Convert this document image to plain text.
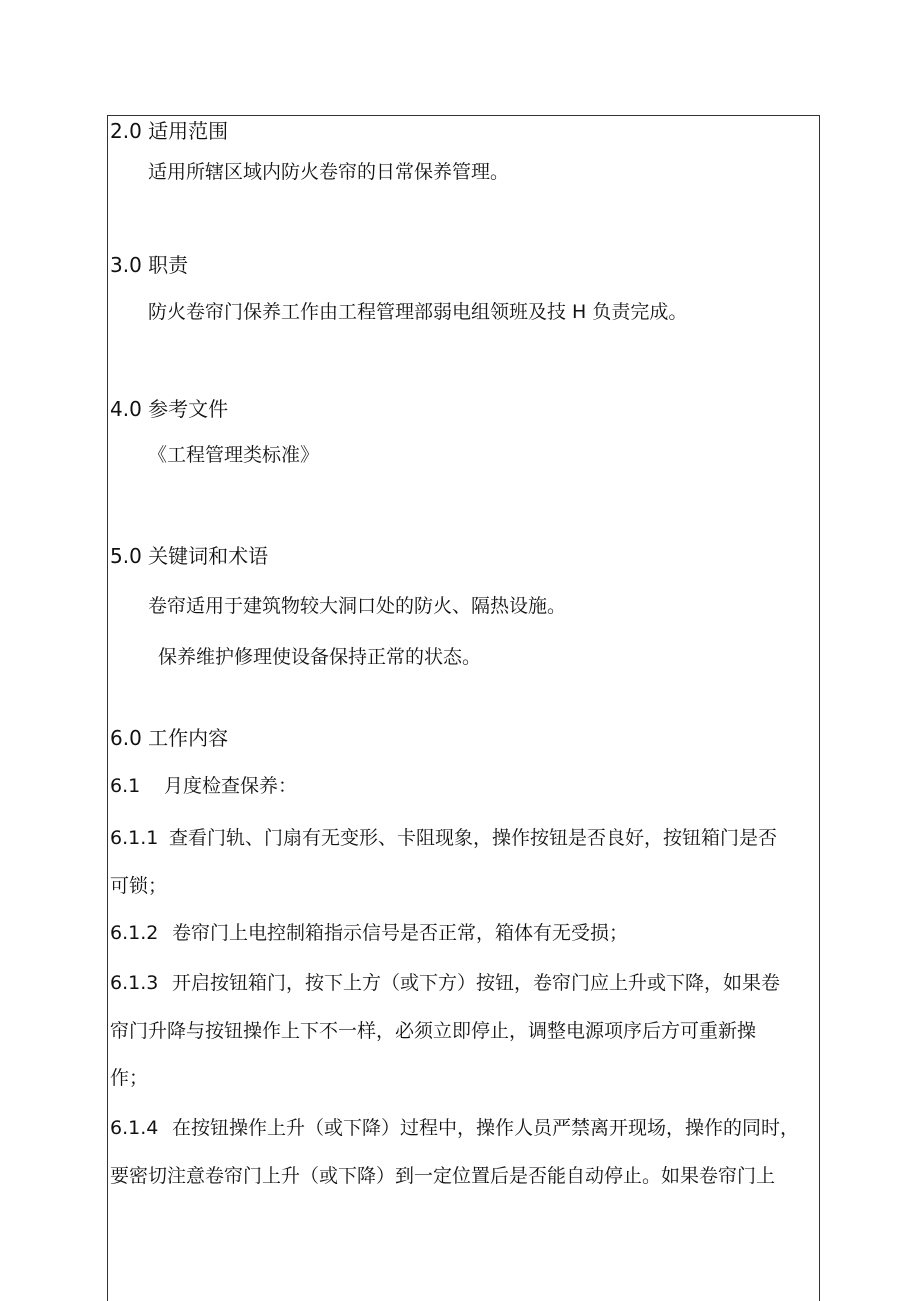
2.0 适用范围
适用所辖区域内防火卷帘的日常保养管理。
3.0 职责
防火卷帘门保养工作由工程管理部弱电组领班及技 H 负责完成。
4.0 参考文件
《工程管理类标准》
5.0 关键词和术语
卷帘适用于建筑物较大洞口处的防火、隔热设施。
保养维护修理使设备保持正常的状态。
6.0 工作内容
6.1 月度检查保养：
6.1.1 查看门轨、门扇有无变形、卡阻现象，操作按钮是否良好，按钮箱门是否
可锁；
6.1.2 卷帘门上电控制箱指示信号是否正常，箱体有无受损；
6.1.3 开启按钮箱门，按下上方（或下方）按钮，卷帘门应上升或下降，如果卷
帘门升降与按钮操作上下不一样，必须立即停止，调整电源项序后方可重新操
作；
6.1.4 在按钮操作上升（或下降）过程中，操作人员严禁离开现场，操作的同时，
要密切注意卷帘门上升（或下降）到一定位置后是否能自动停止。如果卷帘门上
